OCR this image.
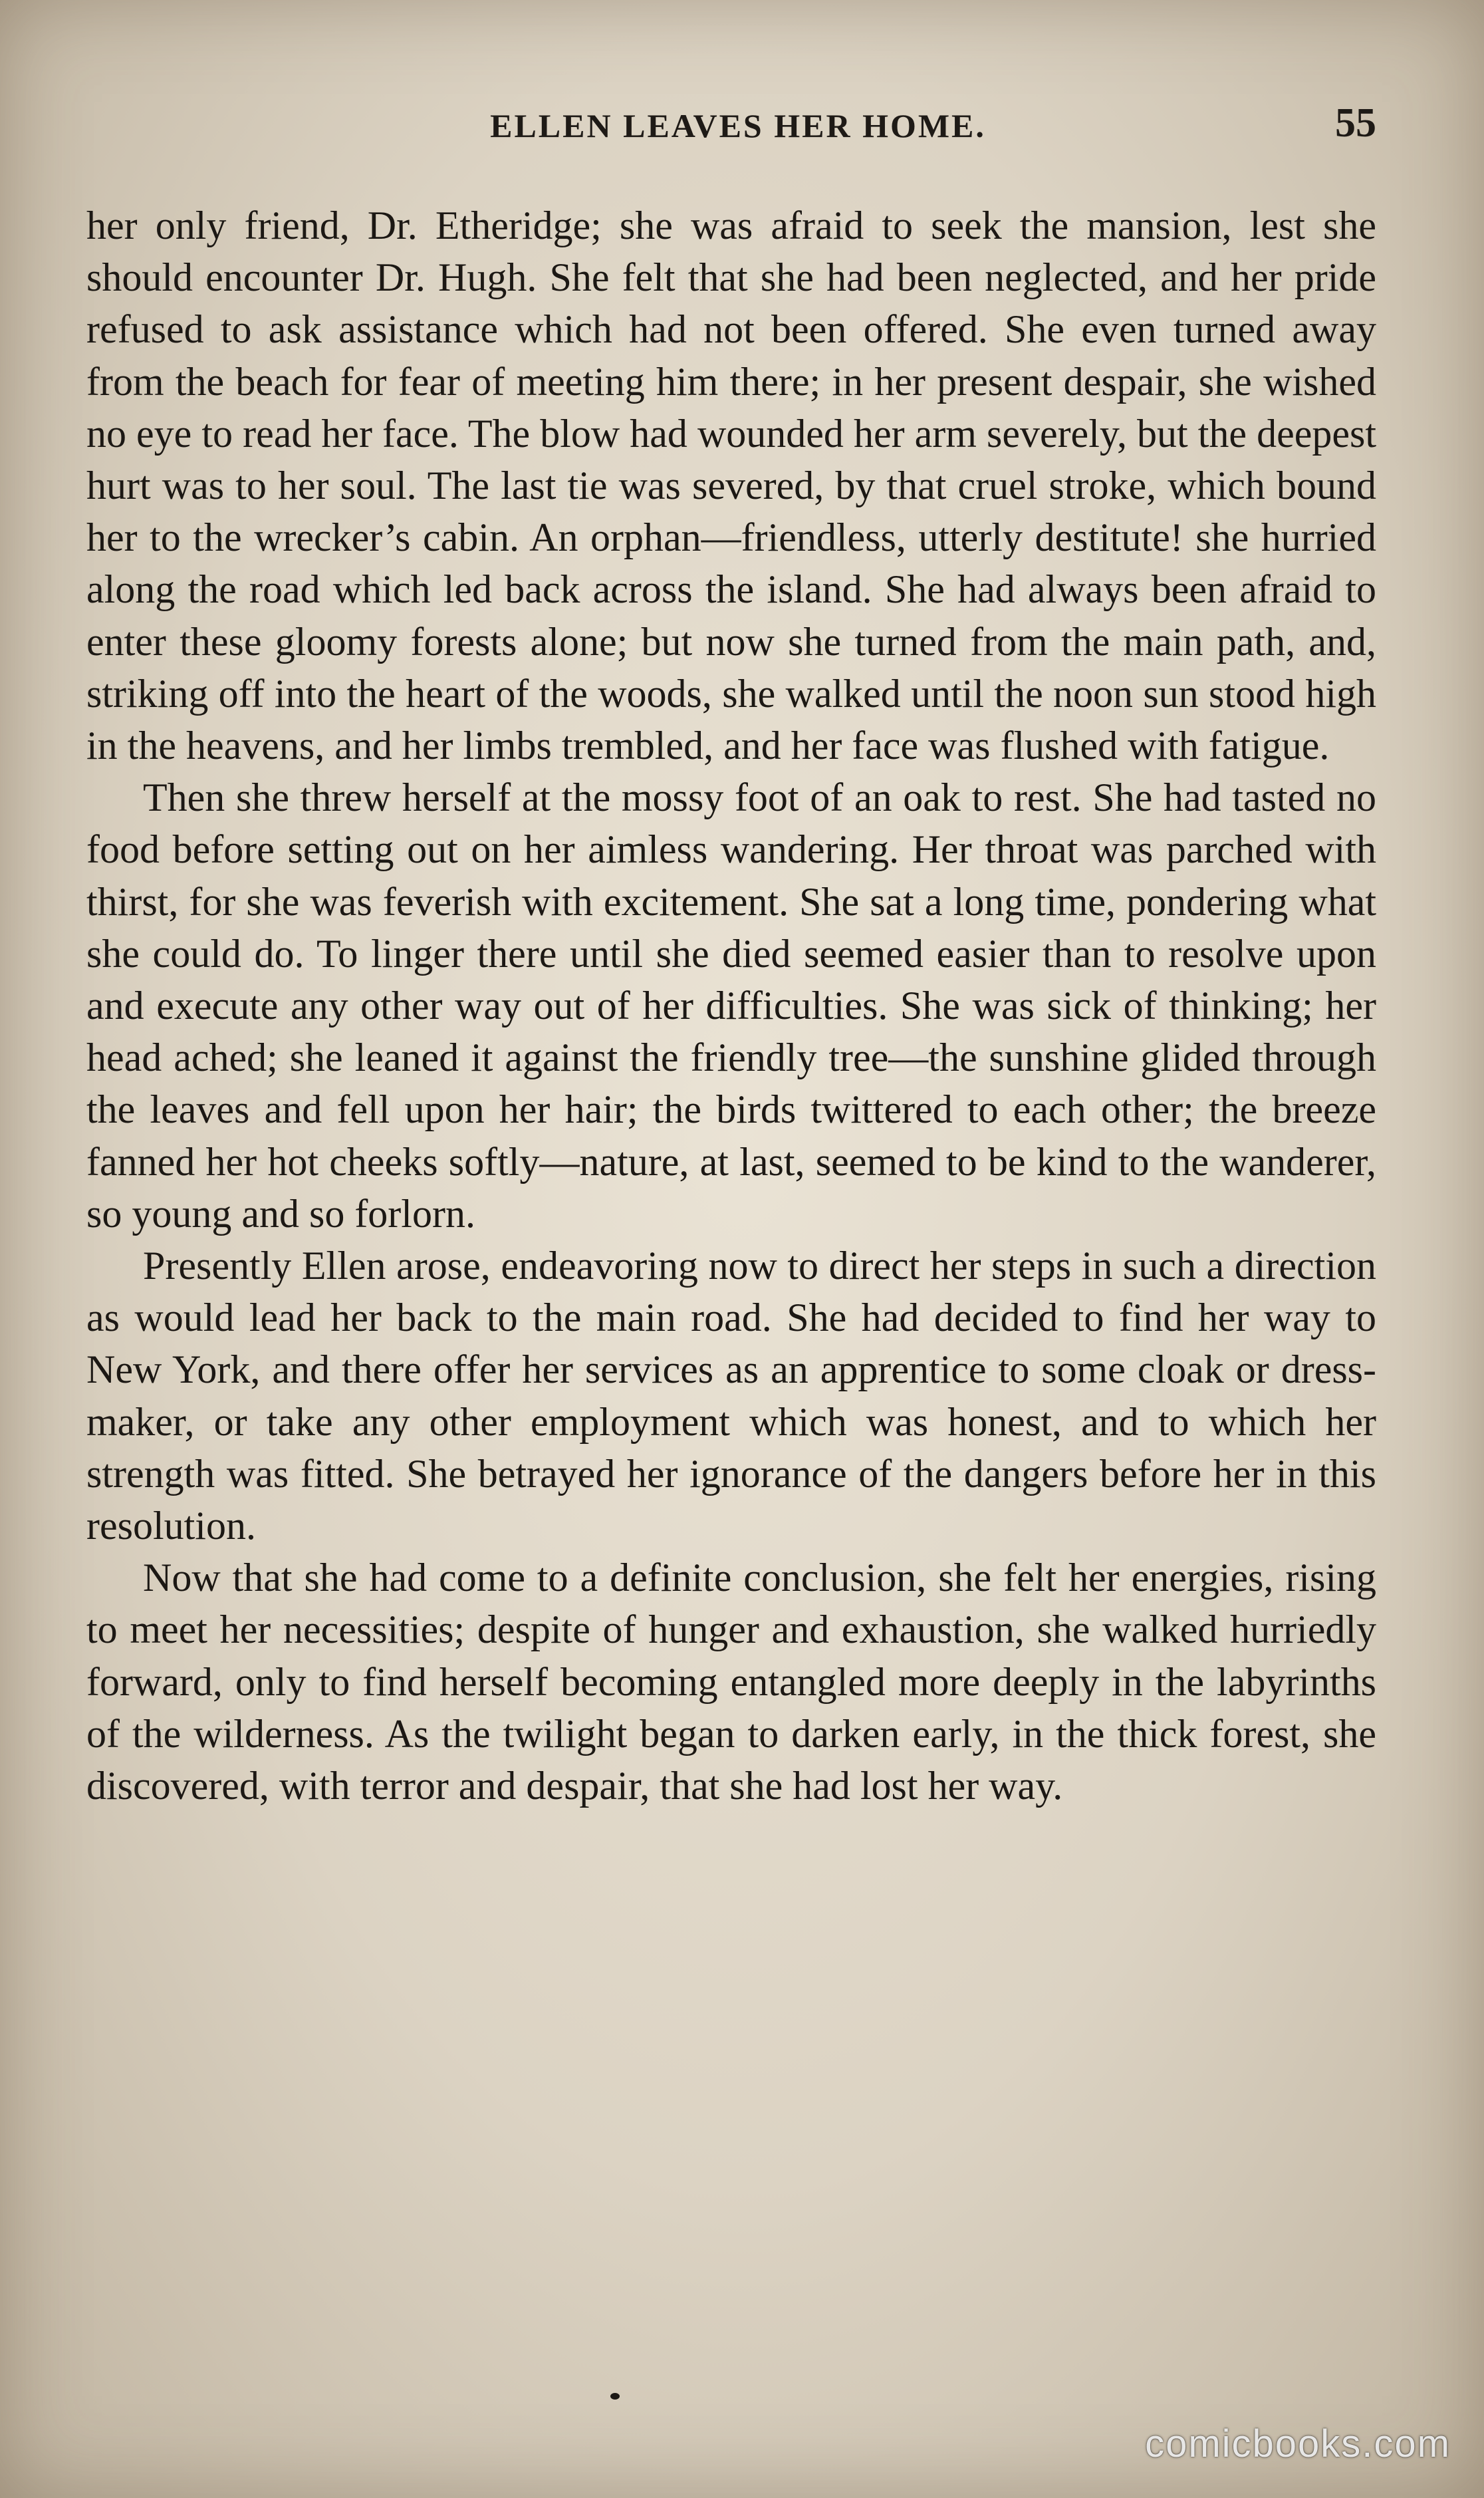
ELLEN LEAVES HER HOME.	55

her only friend, Dr. Etheridge; she was afraid to seek the mansion, lest she should encounter Dr. Hugh. She felt that she had been neglected, and her pride refused to ask assistance which had not been offered. She even turned away from the beach for fear of meeting him there; in her present despair, she wished no eye to read her face. The blow had wounded her arm severely, but the deepest hurt was to her soul. The last tie was severed, by that cruel stroke, which bound her to the wrecker’s cabin. An orphan—friendless, utterly destitute! she hurried along the road which led back across the island. She had always been afraid to enter these gloomy forests alone; but now she turned from the main path, and, striking off into the heart of the woods, she walked until the noon sun stood high in the heavens, and her limbs trembled, and her face was flushed with fatigue.

Then she threw herself at the mossy foot of an oak to rest. She had tasted no food before setting out on her aimless wandering. Her throat was parched with thirst, for she was feverish with excitement. She sat a long time, pondering what she could do. To linger there until she died seemed easier than to resolve upon and execute any other way out of her difficulties. She was sick of thinking; her head ached; she leaned it against the friendly tree—the sunshine glided through the leaves and fell upon her hair; the birds twittered to each other; the breeze fanned her hot cheeks softly—nature, at last, seemed to be kind to the wanderer, so young and so forlorn.

Presently Ellen arose, endeavoring now to direct her steps in such a direction as would lead her back to the main road. She had decided to find her way to New York, and there offer her services as an apprentice to some cloak or dress-maker, or take any other employment which was honest, and to which her strength was fitted. She betrayed her ignorance of the dangers before her in this resolution.

Now that she had come to a definite conclusion, she felt her energies, rising to meet her necessities; despite of hunger and exhaustion, she walked hurriedly forward, only to find herself becoming entangled more deeply in the labyrinths of the wilderness. As the twilight began to darken early, in the thick forest, she discovered, with terror and despair, that she had lost her way.

comicbooks.com
